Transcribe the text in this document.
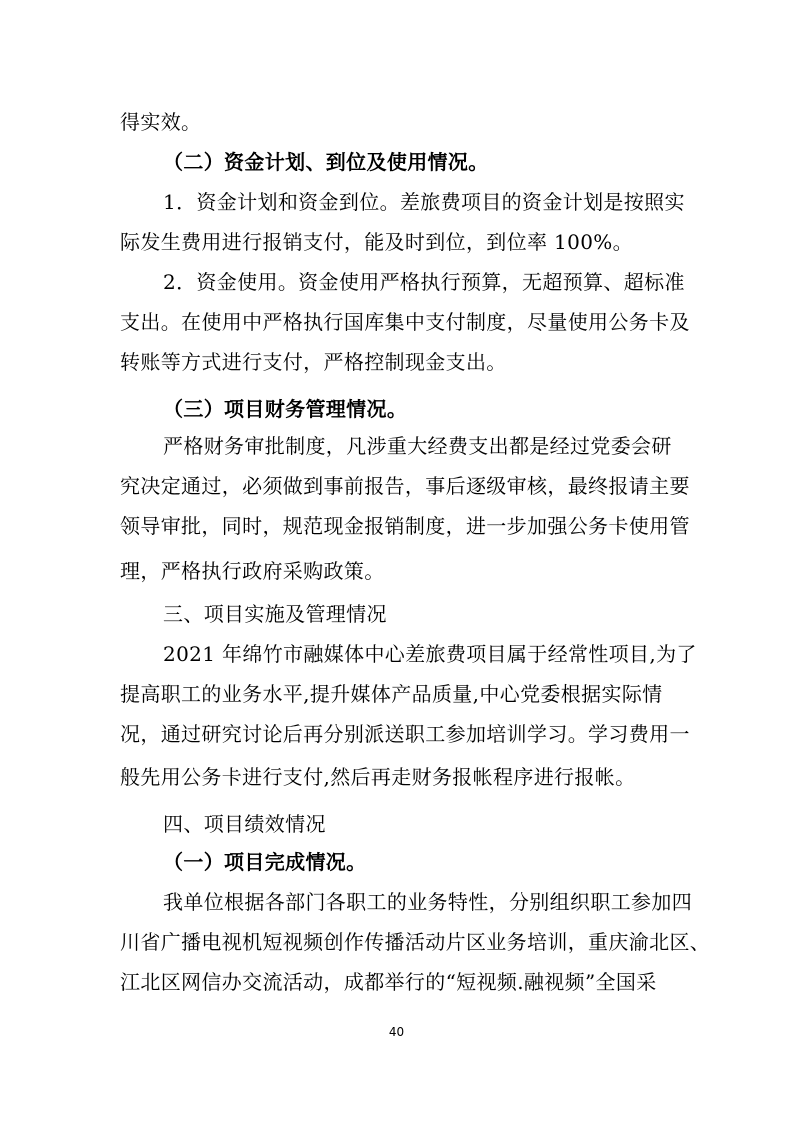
得实效。
（二）资金计划、到位及使用情况。
1．资金计划和资金到位。差旅费项目的资金计划是按照实
际发生费用进行报销支付，能及时到位，到位率 100%。
2．资金使用。资金使用严格执行预算，无超预算、超标准
支出。在使用中严格执行国库集中支付制度，尽量使用公务卡及
转账等方式进行支付，严格控制现金支出。
（三）项目财务管理情况。
严格财务审批制度，凡涉重大经费支出都是经过党委会研
究决定通过，必须做到事前报告，事后逐级审核，最终报请主要
领导审批，同时，规范现金报销制度，进一步加强公务卡使用管
理，严格执行政府采购政策。
三、项目实施及管理情况
2021 年绵竹市融媒体中心差旅费项目属于经常性项目,为了
提高职工的业务水平,提升媒体产品质量,中心党委根据实际情
况，通过研究讨论后再分别派送职工参加培训学习。学习费用一
般先用公务卡进行支付,然后再走财务报帐程序进行报帐。
四、项目绩效情况
（一）项目完成情况。
我单位根据各部门各职工的业务特性，分别组织职工参加四
川省广播电视机短视频创作传播活动片区业务培训，重庆渝北区、
江北区网信办交流活动，成都举行的“短视频.融视频”全国采
40
